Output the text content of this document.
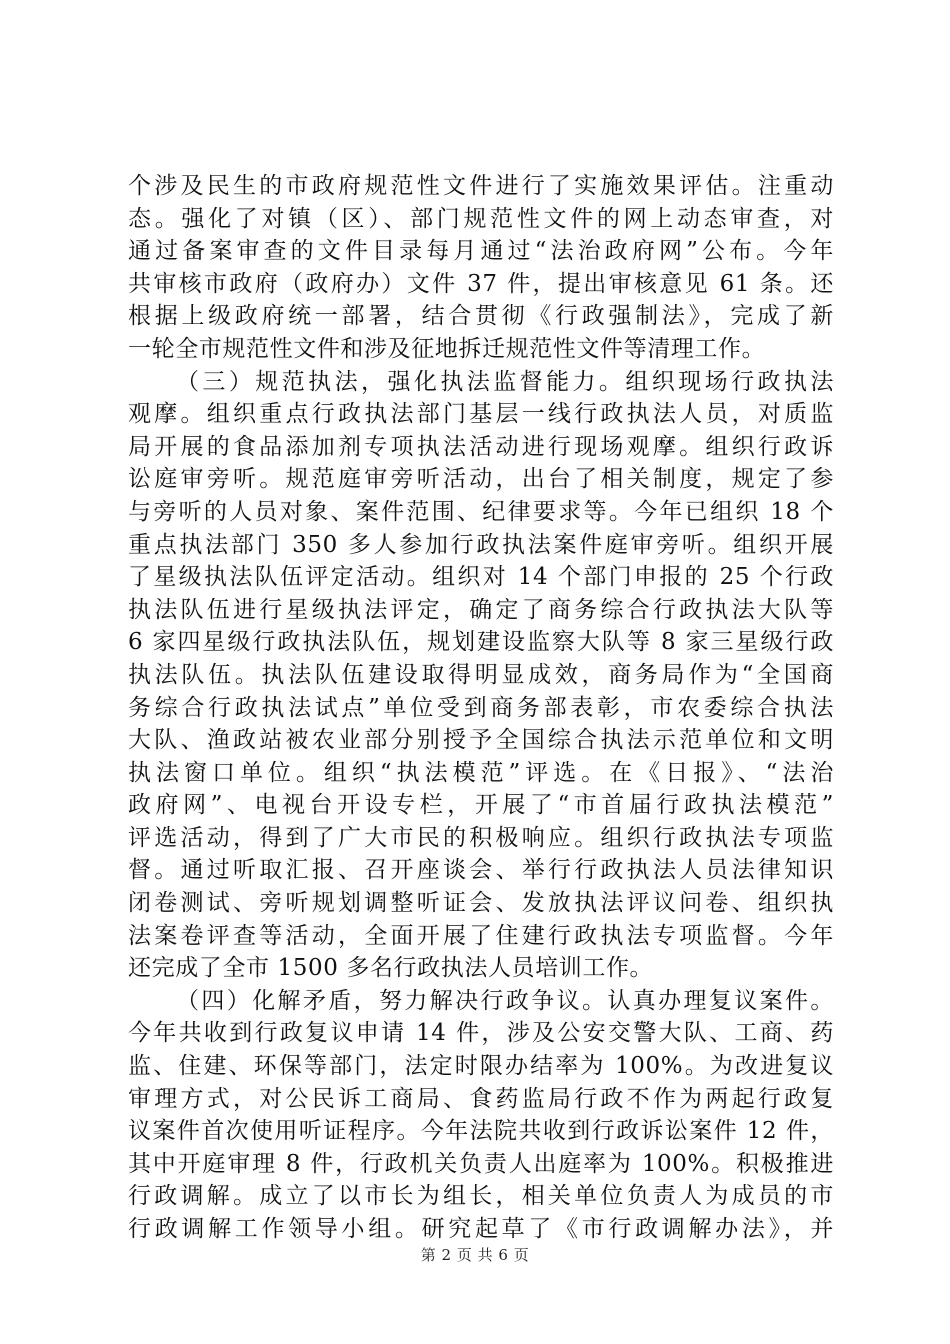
个涉及民生的市政府规范性文件进行了实施效果评估。注重动
态。强化了对镇（区）、部门规范性文件的网上动态审查，对
通过备案审查的文件目录每月通过“法治政府网”公布。今年
共审核市政府（政府办）文件 37 件，提出审核意见 61 条。还
根据上级政府统一部署，结合贯彻《行政强制法》，完成了新
一轮全市规范性文件和涉及征地拆迁规范性文件等清理工作。
（三）规范执法，强化执法监督能力。组织现场行政执法
观摩。组织重点行政执法部门基层一线行政执法人员，对质监
局开展的食品添加剂专项执法活动进行现场观摩。组织行政诉
讼庭审旁听。规范庭审旁听活动，出台了相关制度，规定了参
与旁听的人员对象、案件范围、纪律要求等。今年已组织 18 个
重点执法部门 350 多人参加行政执法案件庭审旁听。组织开展
了星级执法队伍评定活动。组织对 14 个部门申报的 25 个行政
执法队伍进行星级执法评定，确定了商务综合行政执法大队等
6 家四星级行政执法队伍，规划建设监察大队等 8 家三星级行政
执法队伍。执法队伍建设取得明显成效，商务局作为“全国商
务综合行政执法试点”单位受到商务部表彰，市农委综合执法
大队、渔政站被农业部分别授予全国综合执法示范单位和文明
执法窗口单位。组织“执法模范”评选。在《日报》、“法治
政府网”、电视台开设专栏，开展了“市首届行政执法模范”
评选活动，得到了广大市民的积极响应。组织行政执法专项监
督。通过听取汇报、召开座谈会、举行行政执法人员法律知识
闭卷测试、旁听规划调整听证会、发放执法评议问卷、组织执
法案卷评查等活动，全面开展了住建行政执法专项监督。今年
还完成了全市 1500 多名行政执法人员培训工作。
（四）化解矛盾，努力解决行政争议。认真办理复议案件。
今年共收到行政复议申请 14 件，涉及公安交警大队、工商、药
监、住建、环保等部门，法定时限办结率为 100%。为改进复议
审理方式，对公民诉工商局、食药监局行政不作为两起行政复
议案件首次使用听证程序。今年法院共收到行政诉讼案件 12 件，
其中开庭审理 8 件，行政机关负责人出庭率为 100%。积极推进
行政调解。成立了以市长为组长，相关单位负责人为成员的市
行政调解工作领导小组。研究起草了《市行政调解办法》，并
第 2 页 共 6 页
